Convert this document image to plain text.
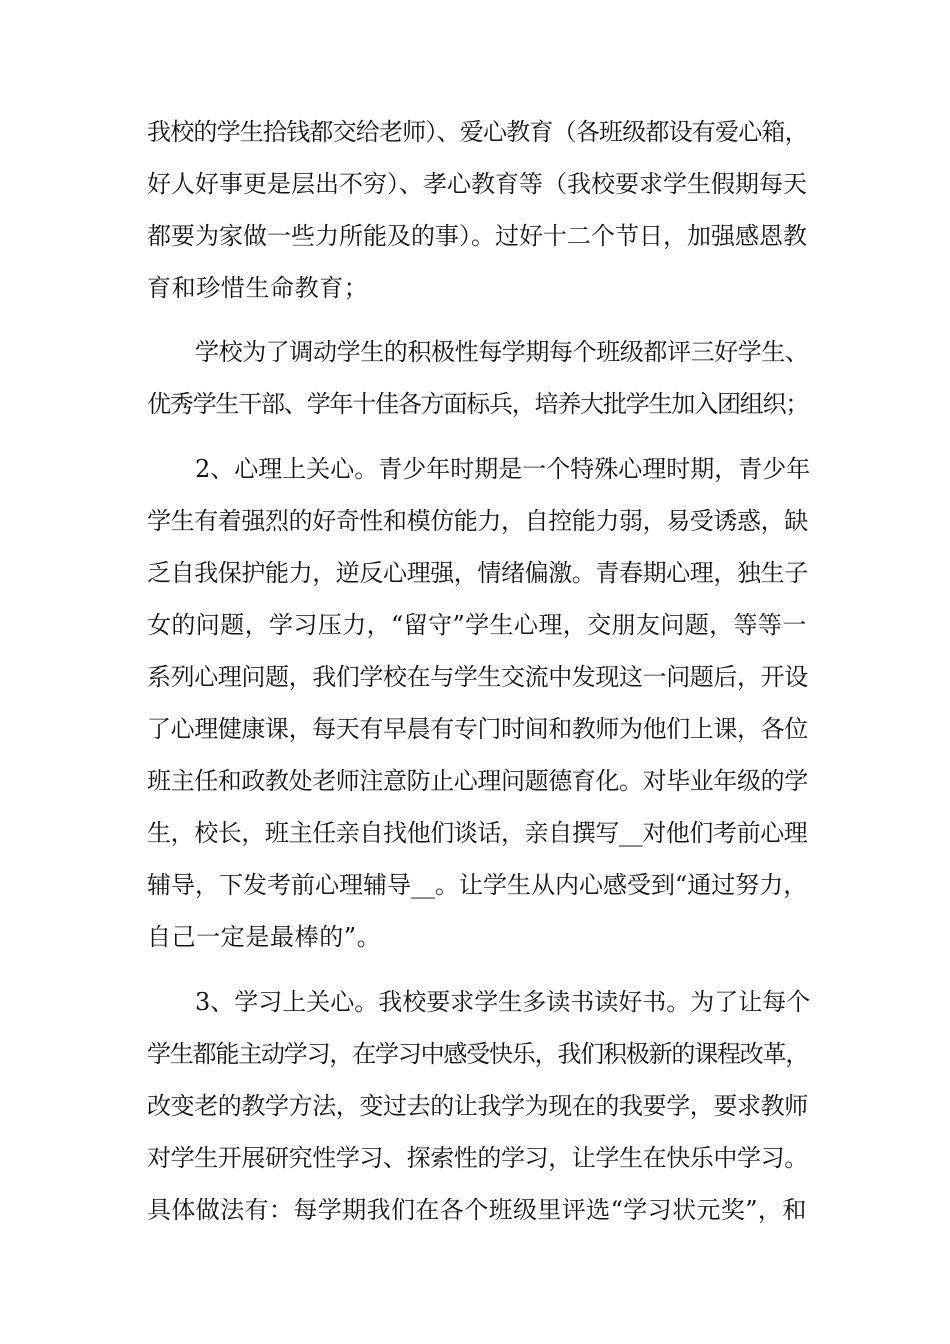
我校的学生拾钱都交给老师）、爱心教育（各班级都设有爱心箱，
好人好事更是层出不穷）、孝心教育等（我校要求学生假期每天
都要为家做一些力所能及的事）。过好十二个节日，加强感恩教
育和珍惜生命教育；
学校为了调动学生的积极性每学期每个班级都评三好学生、
优秀学生干部、学年十佳各方面标兵，培养大批学生加入团组织；
2、心理上关心。青少年时期是一个特殊心理时期，青少年
学生有着强烈的好奇性和模仿能力，自控能力弱，易受诱惑，缺
乏自我保护能力，逆反心理强，情绪偏激。青春期心理，独生子
女的问题，学习压力，“留守”学生心理，交朋友问题，等等一
系列心理问题，我们学校在与学生交流中发现这一问题后，开设
了心理健康课，每天有早晨有专门时间和教师为他们上课，各位
班主任和政教处老师注意防止心理问题德育化。对毕业年级的学
生，校长，班主任亲自找他们谈话，亲自撰写__对他们考前心理
辅导，下发考前心理辅导__。让学生从内心感受到“通过努力，
自己一定是最棒的”。
3、学习上关心。我校要求学生多读书读好书。为了让每个
学生都能主动学习，在学习中感受快乐，我们积极新的课程改革，
改变老的教学方法，变过去的让我学为现在的我要学，要求教师
对学生开展研究性学习、探索性的学习，让学生在快乐中学习。
具体做法有：每学期我们在各个班级里评选“学习状元奖”，和
